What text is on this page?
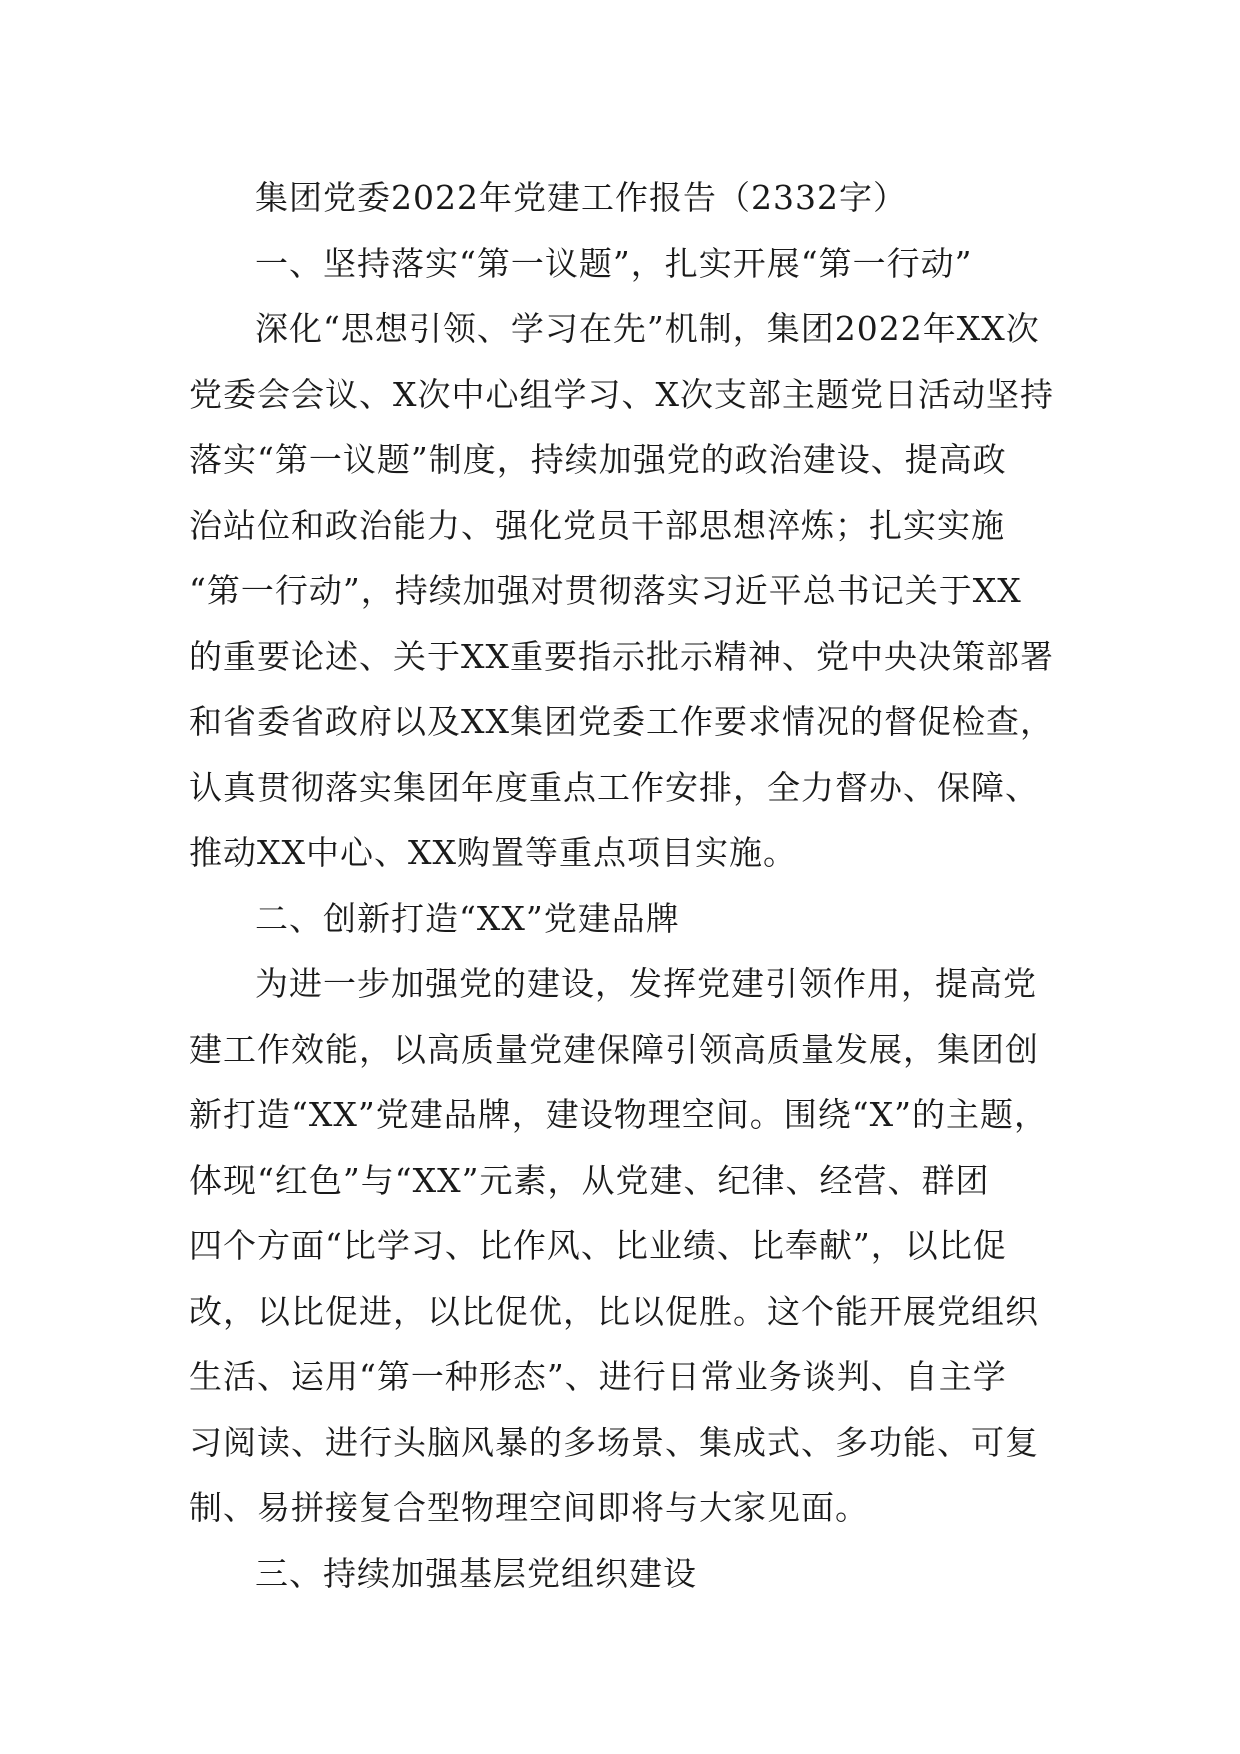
集团党委2022年党建工作报告（2332字）

一、坚持落实“第一议题”，扎实开展“第一行动”

深化“思想引领、学习在先”机制，集团2022年XX次
党委会会议、X次中心组学习、X次支部主题党日活动坚持
落实“第一议题”制度，持续加强党的政治建设、提高政
治站位和政治能力、强化党员干部思想淬炼；扎实实施
“第一行动”，持续加强对贯彻落实习近平总书记关于XX
的重要论述、关于XX重要指示批示精神、党中央决策部署
和省委省政府以及XX集团党委工作要求情况的督促检查，
认真贯彻落实集团年度重点工作安排，全力督办、保障、
推动XX中心、XX购置等重点项目实施。

二、创新打造“XX”党建品牌

为进一步加强党的建设，发挥党建引领作用，提高党
建工作效能，以高质量党建保障引领高质量发展，集团创
新打造“XX”党建品牌，建设物理空间。围绕“X”的主题，
体现“红色”与“XX”元素，从党建、纪律、经营、群团
四个方面“比学习、比作风、比业绩、比奉献”，以比促
改，以比促进，以比促优，比以促胜。这个能开展党组织
生活、运用“第一种形态”、进行日常业务谈判、自主学
习阅读、进行头脑风暴的多场景、集成式、多功能、可复
制、易拼接复合型物理空间即将与大家见面。

三、持续加强基层党组织建设
